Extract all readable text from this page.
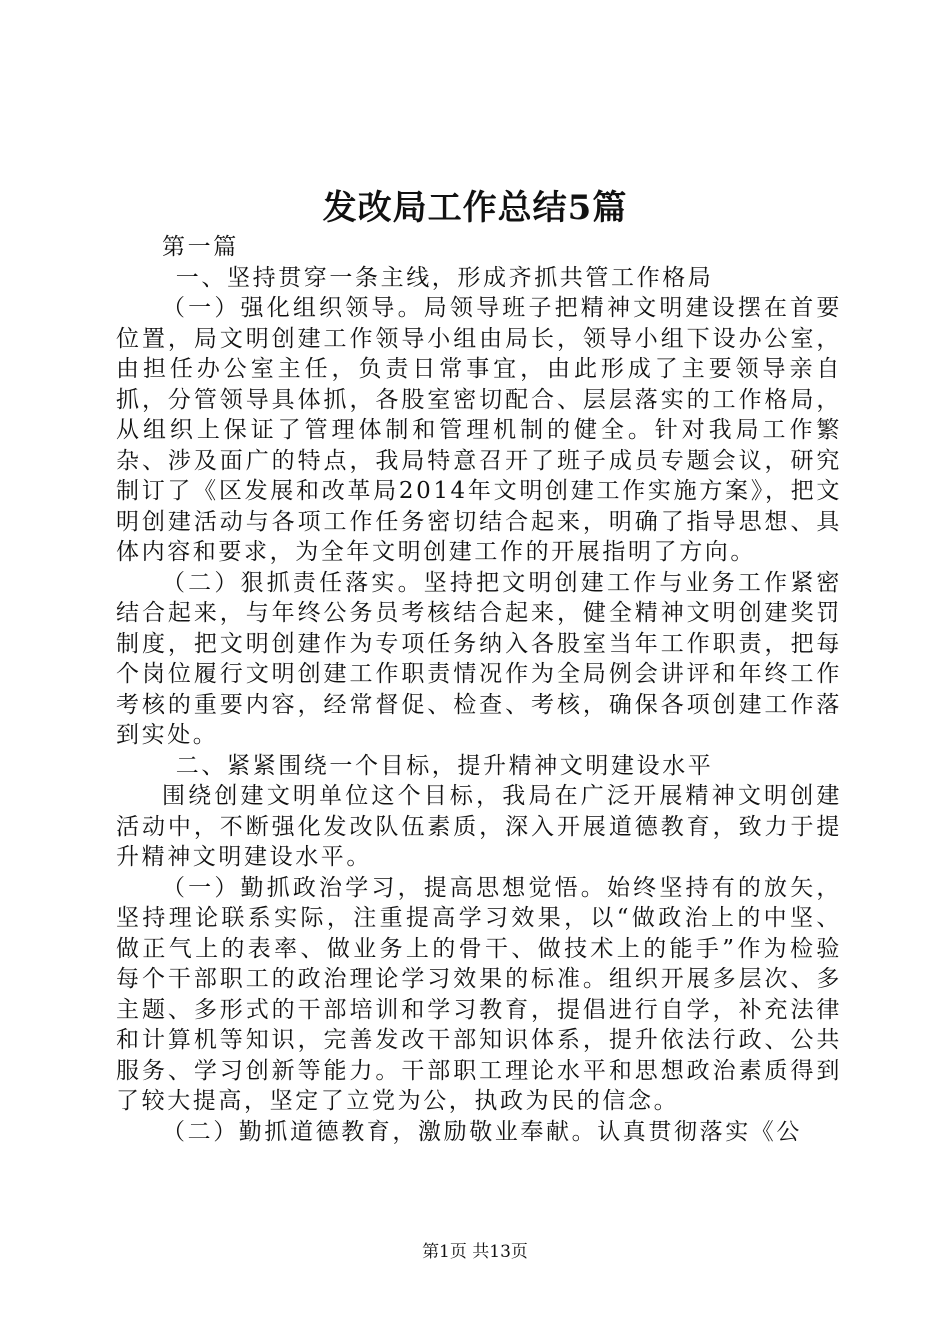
发改局工作总结5篇

第一篇

一、坚持贯穿一条主线，形成齐抓共管工作格局

（一）强化组织领导。局领导班子把精神文明建设摆在首要位置，局文明创建工作领导小组由局长，领导小组下设办公室，由担任办公室主任，负责日常事宜，由此形成了主要领导亲自抓，分管领导具体抓，各股室密切配合、层层落实的工作格局，从组织上保证了管理体制和管理机制的健全。针对我局工作繁杂、涉及面广的特点，我局特意召开了班子成员专题会议，研究制订了《区发展和改革局2014年文明创建工作实施方案》，把文明创建活动与各项工作任务密切结合起来，明确了指导思想、具体内容和要求，为全年文明创建工作的开展指明了方向。

（二）狠抓责任落实。坚持把文明创建工作与业务工作紧密结合起来，与年终公务员考核结合起来，健全精神文明创建奖罚制度，把文明创建作为专项任务纳入各股室当年工作职责，把每个岗位履行文明创建工作职责情况作为全局例会讲评和年终工作考核的重要内容，经常督促、检查、考核，确保各项创建工作落到实处。

二、紧紧围绕一个目标，提升精神文明建设水平

围绕创建文明单位这个目标，我局在广泛开展精神文明创建活动中，不断强化发改队伍素质，深入开展道德教育，致力于提升精神文明建设水平。

（一）勤抓政治学习，提高思想觉悟。始终坚持有的放矢，坚持理论联系实际，注重提高学习效果，以“做政治上的中坚、做正气上的表率、做业务上的骨干、做技术上的能手”作为检验每个干部职工的政治理论学习效果的标准。组织开展多层次、多主题、多形式的干部培训和学习教育，提倡进行自学，补充法律和计算机等知识，完善发改干部知识体系，提升依法行政、公共服务、学习创新等能力。干部职工理论水平和思想政治素质得到了较大提高，坚定了立党为公，执政为民的信念。

（二）勤抓道德教育，激励敬业奉献。认真贯彻落实《公

第1页 共13页
